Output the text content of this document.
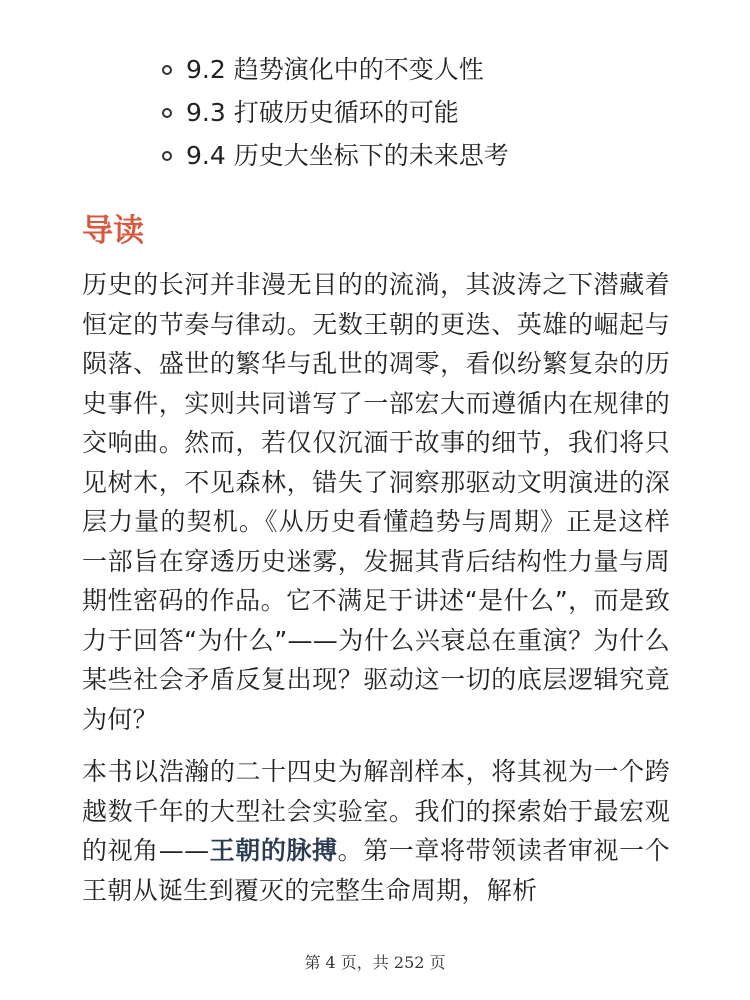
9.2 趋势演化中的不变人性
9.3 打破历史循环的可能
9.4 历史大坐标下的未来思考
导读

历史的长河并非漫无目的的流淌，其波涛之下潜藏着恒定的节奏与律动。无数王朝的更迭、英雄的崛起与陨落、盛世的繁华与乱世的凋零，看似纷繁复杂的历史事件，实则共同谱写了一部宏大而遵循内在规律的交响曲。然而，若仅仅沉湎于故事的细节，我们将只见树木，不见森林，错失了洞察那驱动文明演进的深层力量的契机。《从历史看懂趋势与周期》正是这样一部旨在穿透历史迷雾，发掘其背后结构性力量与周期性密码的作品。它不满足于讲述“是什么”，而是致力于回答“为什么”——为什么兴衰总在重演？为什么某些社会矛盾反复出现？驱动这一切的底层逻辑究竟为何？

本书以浩瀚的二十四史为解剖样本，将其视为一个跨越数千年的大型社会实验室。我们的探索始于最宏观的视角——王朝的脉搏。第一章将带领读者审视一个王朝从诞生到覆灭的完整生命周期，解析

第 4 页，共 252 页
